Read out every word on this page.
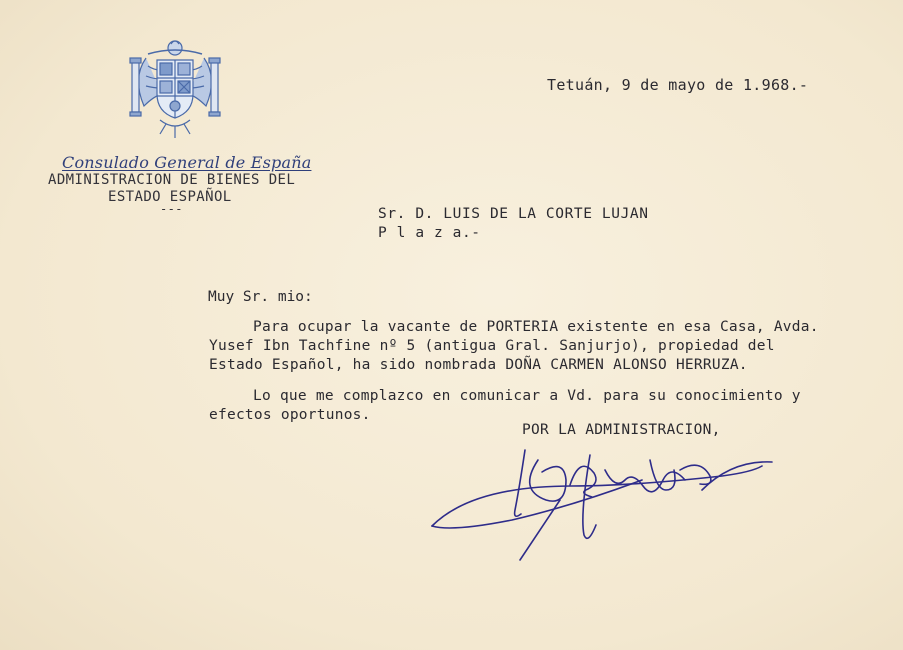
Consulado General de España
ADMINISTRACION DE BIENES DEL
ESTADO ESPAÑOL
---
Tetuán, 9 de mayo de 1.968.-
Sr. D. LUIS DE LA CORTE LUJAN
P l a z a.-
Muy Sr. mio:
Para ocupar la vacante de PORTERIA existente en esa Casa, Avda.
Yusef Ibn Tachfine nº 5 (antigua Gral. Sanjurjo), propiedad del
Estado Español, ha sido nombrada DOÑA CARMEN ALONSO HERRUZA.
Lo que me complazco en comunicar a Vd. para su conocimiento y
efectos oportunos.
POR LA ADMINISTRACION,
